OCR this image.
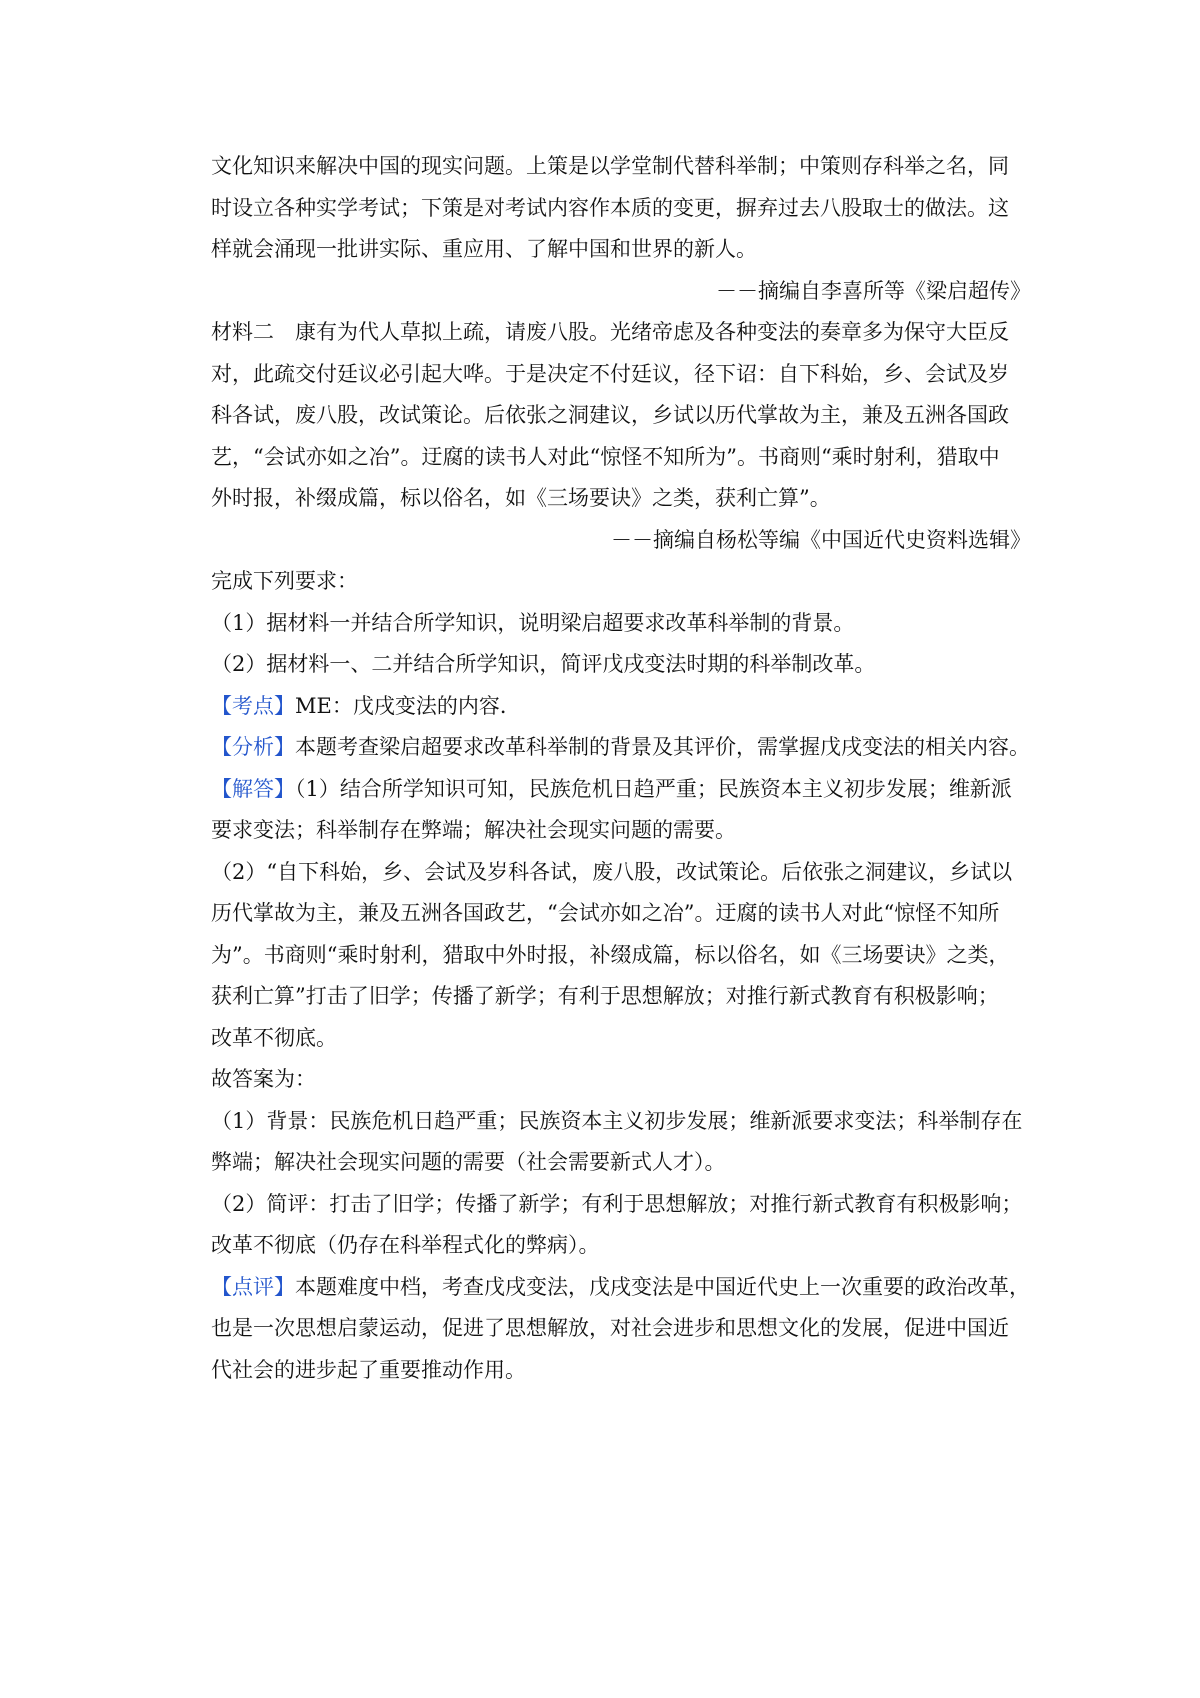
文化知识来解决中国的现实问题。上策是以学堂制代替科举制；中策则存科举之名，同

时设立各种实学考试；下策是对考试内容作本质的变更，摒弃过去八股取士的做法。这

样就会涌现一批讲实际、重应用、了解中国和世界的新人。

－－摘编自李喜所等《梁启超传》

材料二　康有为代人草拟上疏，请废八股。光绪帝虑及各种变法的奏章多为保守大臣反

对，此疏交付廷议必引起大哗。于是决定不付廷议，径下诏：自下科始，乡、会试及岁

科各试，废八股，改试策论。后依张之洞建议，乡试以历代掌故为主，兼及五洲各国政

艺，“会试亦如之冶”。迂腐的读书人对此“惊怪不知所为”。书商则“乘时射利，猎取中

外时报，补缀成篇，标以俗名，如《三场要诀》之类，获利亡算”。

－－摘编自杨松等编《中国近代史资料选辑》

完成下列要求：

（1）据材料一并结合所学知识，说明梁启超要求改革科举制的背景。

（2）据材料一、二并结合所学知识，简评戊戌变法时期的科举制改革。

【考点】ME：戊戌变法的内容．

【分析】本题考查梁启超要求改革科举制的背景及其评价，需掌握戊戌变法的相关内容。

【解答】（1）结合所学知识可知，民族危机日趋严重；民族资本主义初步发展；维新派

要求变法；科举制存在弊端；解决社会现实问题的需要。

（2）“自下科始，乡、会试及岁科各试，废八股，改试策论。后依张之洞建议，乡试以

历代掌故为主，兼及五洲各国政艺，“会试亦如之冶”。迂腐的读书人对此“惊怪不知所

为”。书商则“乘时射利，猎取中外时报，补缀成篇，标以俗名，如《三场要诀》之类，

获利亡算”打击了旧学；传播了新学；有利于思想解放；对推行新式教育有积极影响；

改革不彻底。

故答案为：

（1）背景：民族危机日趋严重；民族资本主义初步发展；维新派要求变法；科举制存在

弊端；解决社会现实问题的需要（社会需要新式人才）。

（2）简评：打击了旧学；传播了新学；有利于思想解放；对推行新式教育有积极影响；

改革不彻底（仍存在科举程式化的弊病）。

【点评】本题难度中档，考查戊戌变法，戊戌变法是中国近代史上一次重要的政治改革，

也是一次思想启蒙运动，促进了思想解放，对社会进步和思想文化的发展，促进中国近

代社会的进步起了重要推动作用。
